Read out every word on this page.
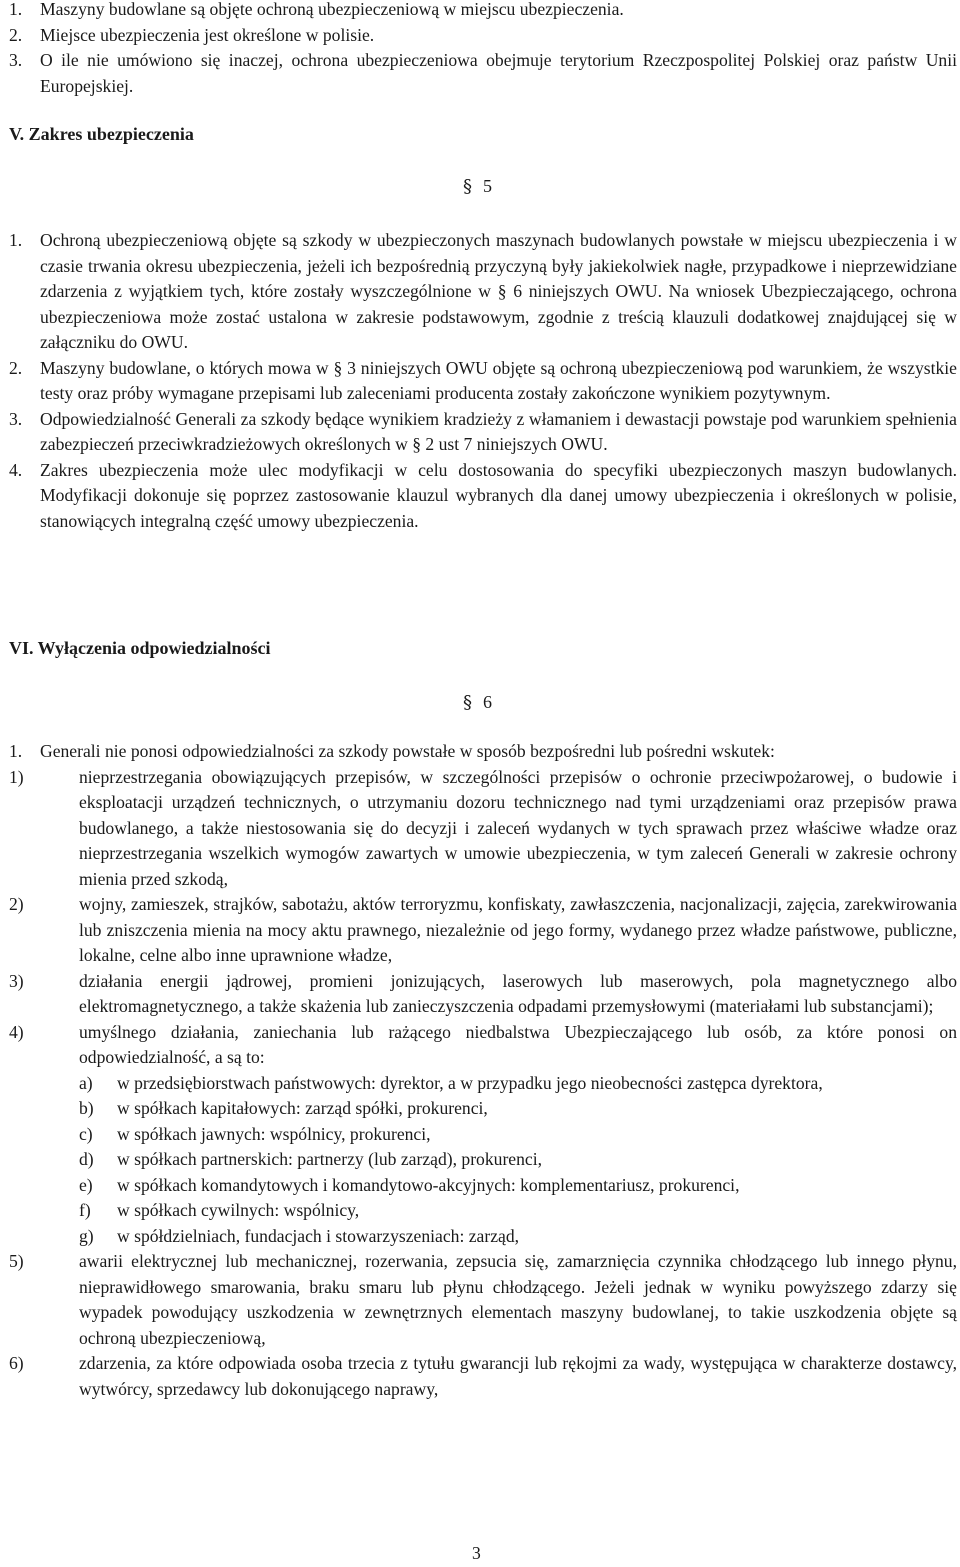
1.	Maszyny budowlane są objęte ochroną ubezpieczeniową w miejscu ubezpieczenia.
2.	Miejsce ubezpieczenia jest określone w polisie.
3.	O ile nie umówiono się inaczej, ochrona ubezpieczeniowa obejmuje terytorium Rzeczpospolitej Polskiej oraz państw Unii Europejskiej.
V. Zakres ubezpieczenia
§ 5
1.	Ochroną ubezpieczeniową objęte są szkody w ubezpieczonych maszynach budowlanych powstałe w miejscu ubezpieczenia i w czasie trwania okresu ubezpieczenia, jeżeli ich bezpośrednią przyczyną były jakiekolwiek nagłe, przypadkowe i nieprzewidziane zdarzenia z wyjątkiem tych, które zostały wyszczególnione w § 6 niniejszych OWU. Na wniosek Ubezpieczającego, ochrona ubezpieczeniowa może zostać ustalona w zakresie podstawowym, zgodnie z treścią klauzuli dodatkowej znajdującej się w załączniku do OWU.
2.	Maszyny budowlane, o których mowa w § 3 niniejszych OWU objęte są ochroną ubezpieczeniową pod warunkiem, że wszystkie testy oraz próby wymagane przepisami lub zaleceniami producenta zostały zakończone wynikiem pozytywnym.
3.	Odpowiedzialność Generali za szkody będące wynikiem kradzieży z włamaniem i dewastacji powstaje pod warunkiem spełnienia zabezpieczeń przeciwkradzieżowych określonych w § 2 ust 7 niniejszych OWU.
4.	Zakres ubezpieczenia może ulec modyfikacji w celu dostosowania do specyfiki ubezpieczonych maszyn budowlanych. Modyfikacji dokonuje się poprzez zastosowanie klauzul wybranych dla danej umowy ubezpieczenia i określonych w polisie, stanowiących integralną część umowy ubezpieczenia.
VI. Wyłączenia odpowiedzialności
§ 6
1.	Generali nie ponosi odpowiedzialności za szkody powstałe w sposób bezpośredni lub pośredni wskutek:
1)	nieprzestrzegania obowiązujących przepisów, w szczególności przepisów o ochronie przeciwpożarowej, o budowie i eksploatacji urządzeń technicznych, o utrzymaniu dozoru technicznego nad tymi urządzeniami oraz przepisów prawa budowlanego, a także niestosowania się do decyzji i zaleceń wydanych w tych sprawach przez właściwe władze oraz nieprzestrzegania wszelkich wymogów zawartych w umowie ubezpieczenia, w tym zaleceń Generali w zakresie ochrony mienia przed szkodą,
2)	wojny, zamieszek, strajków, sabotażu, aktów terroryzmu, konfiskaty, zawłaszczenia, nacjonalizacji, zajęcia, zarekwirowania lub zniszczenia mienia na mocy aktu prawnego, niezależnie od jego formy, wydanego przez władze państwowe, publiczne, lokalne, celne albo inne uprawnione władze,
3)	działania energii jądrowej, promieni jonizujących, laserowych lub maserowych, pola magnetycznego albo elektromagnetycznego, a także skażenia lub zanieczyszczenia odpadami przemysłowymi (materiałami lub substancjami);
4)	umyślnego działania, zaniechania lub rażącego niedbalstwa Ubezpieczającego lub osób, za które ponosi on odpowiedzialność, a są to:
a)	w przedsiębiorstwach państwowych: dyrektor, a w przypadku jego nieobecności zastępca dyrektora,
b)	w spółkach kapitałowych: zarząd spółki, prokurenci,
c)	w spółkach jawnych: wspólnicy, prokurenci,
d)	w spółkach partnerskich: partnerzy (lub zarząd), prokurenci,
e)	w spółkach komandytowych i komandytowo-akcyjnych: komplementariusz, prokurenci,
f)	w spółkach cywilnych: wspólnicy,
g)	w spółdzielniach, fundacjach i stowarzyszeniach: zarząd,
5)	awarii elektrycznej lub mechanicznej, rozerwania, zepsucia się, zamarznięcia czynnika chłodzącego lub innego płynu, nieprawidłowego smarowania, braku smaru lub płynu chłodzącego. Jeżeli jednak w wyniku powyższego zdarzy się wypadek powodujący uszkodzenia w zewnętrznych elementach maszyny budowlanej, to takie uszkodzenia objęte są ochroną ubezpieczeniową,
6)	zdarzenia, za które odpowiada osoba trzecia z tytułu gwarancji lub rękojmi za wady, występująca w charakterze dostawcy, wytwórcy, sprzedawcy lub dokonującego naprawy,
3
